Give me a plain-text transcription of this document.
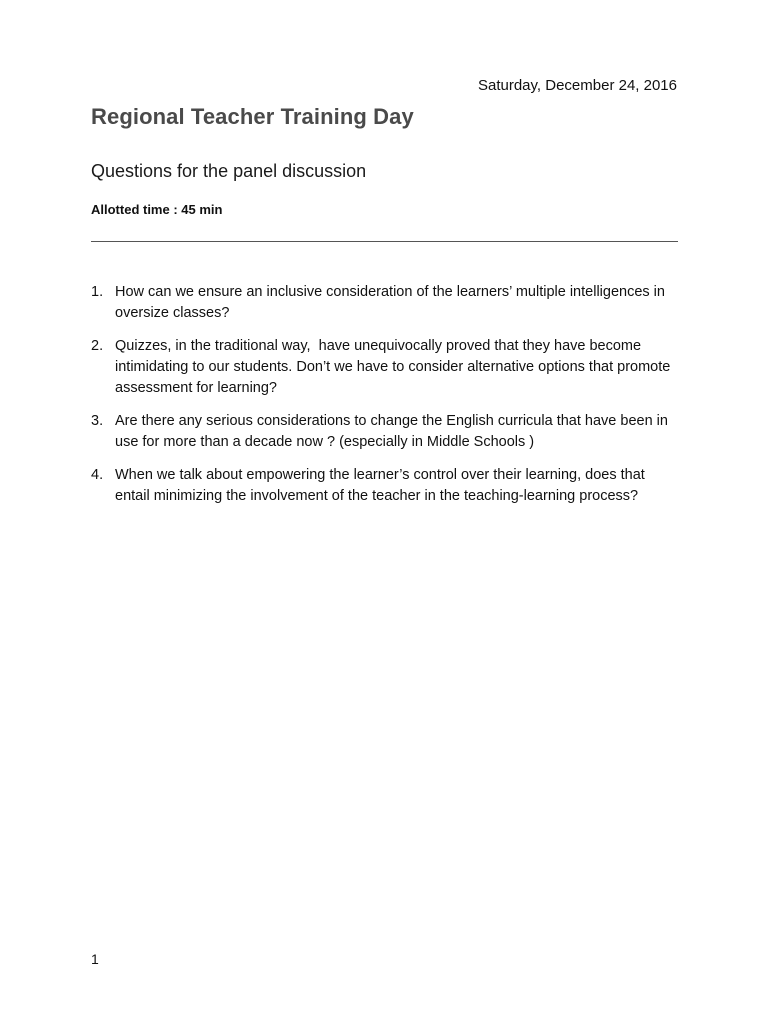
Saturday, December 24, 2016
Regional Teacher Training Day
Questions for the panel discussion
Allotted time : 45 min
1. How can we ensure an inclusive consideration of the learners’ multiple intelligences in oversize classes?
2. Quizzes, in the traditional way,  have unequivocally proved that they have become intimidating to our students. Don’t we have to consider alternative options that promote assessment for learning?
3. Are there any serious considerations to change the English curricula that have been in use for more than a decade now ? (especially in Middle Schools )
4. When we talk about empowering the learner’s control over their learning, does that entail minimizing the involvement of the teacher in the teaching-learning process?
1
